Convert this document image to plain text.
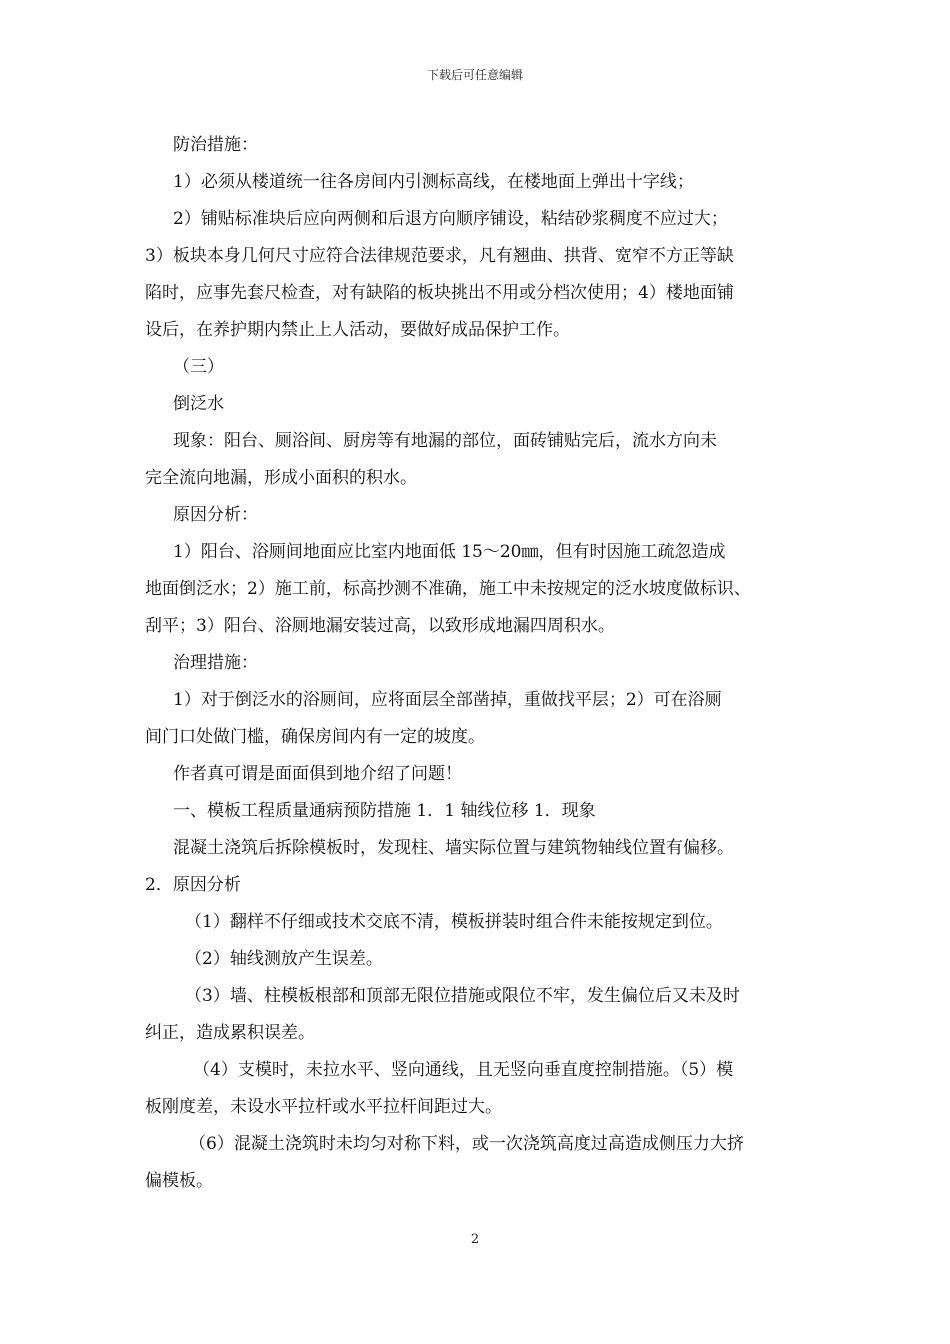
下载后可任意编辑

防治措施：

1）必须从楼道统一往各房间内引测标高线，在楼地面上弹出十字线；

2）铺贴标准块后应向两侧和后退方向顺序铺设，粘结砂浆稠度不应过大；

3）板块本身几何尺寸应符合法律规范要求，凡有翘曲、拱背、宽窄不方正等缺

陷时，应事先套尺检查，对有缺陷的板块挑出不用或分档次使用；4）楼地面铺

设后，在养护期内禁止上人活动，要做好成品保护工作。

（三）

倒泛水

现象：阳台、厕浴间、厨房等有地漏的部位，面砖铺贴完后，流水方向未

完全流向地漏，形成小面积的积水。

原因分析：

1）阳台、浴厕间地面应比室内地面低 15～20㎜，但有时因施工疏忽造成

地面倒泛水；2）施工前，标高抄测不准确，施工中未按规定的泛水坡度做标识、

刮平；3）阳台、浴厕地漏安装过高，以致形成地漏四周积水。

治理措施：

1）对于倒泛水的浴厕间，应将面层全部凿掉，重做找平层；2）可在浴厕

间门口处做门槛，确保房间内有一定的坡度。

作者真可谓是面面俱到地介绍了问题！

一、模板工程质量通病预防措施 1．1 轴线位移 1．现象

混凝土浇筑后拆除模板时，发现柱、墙实际位置与建筑物轴线位置有偏移。

2．原因分析

（1）翻样不仔细或技术交底不清，模板拼装时组合件未能按规定到位。

（2）轴线测放产生误差。

（3）墙、柱模板根部和顶部无限位措施或限位不牢，发生偏位后又未及时

纠正，造成累积误差。

（4）支模时，未拉水平、竖向通线，且无竖向垂直度控制措施。（5）模

板刚度差，未设水平拉杆或水平拉杆间距过大。

（6）混凝土浇筑时未均匀对称下料，或一次浇筑高度过高造成侧压力大挤

偏模板。

2
